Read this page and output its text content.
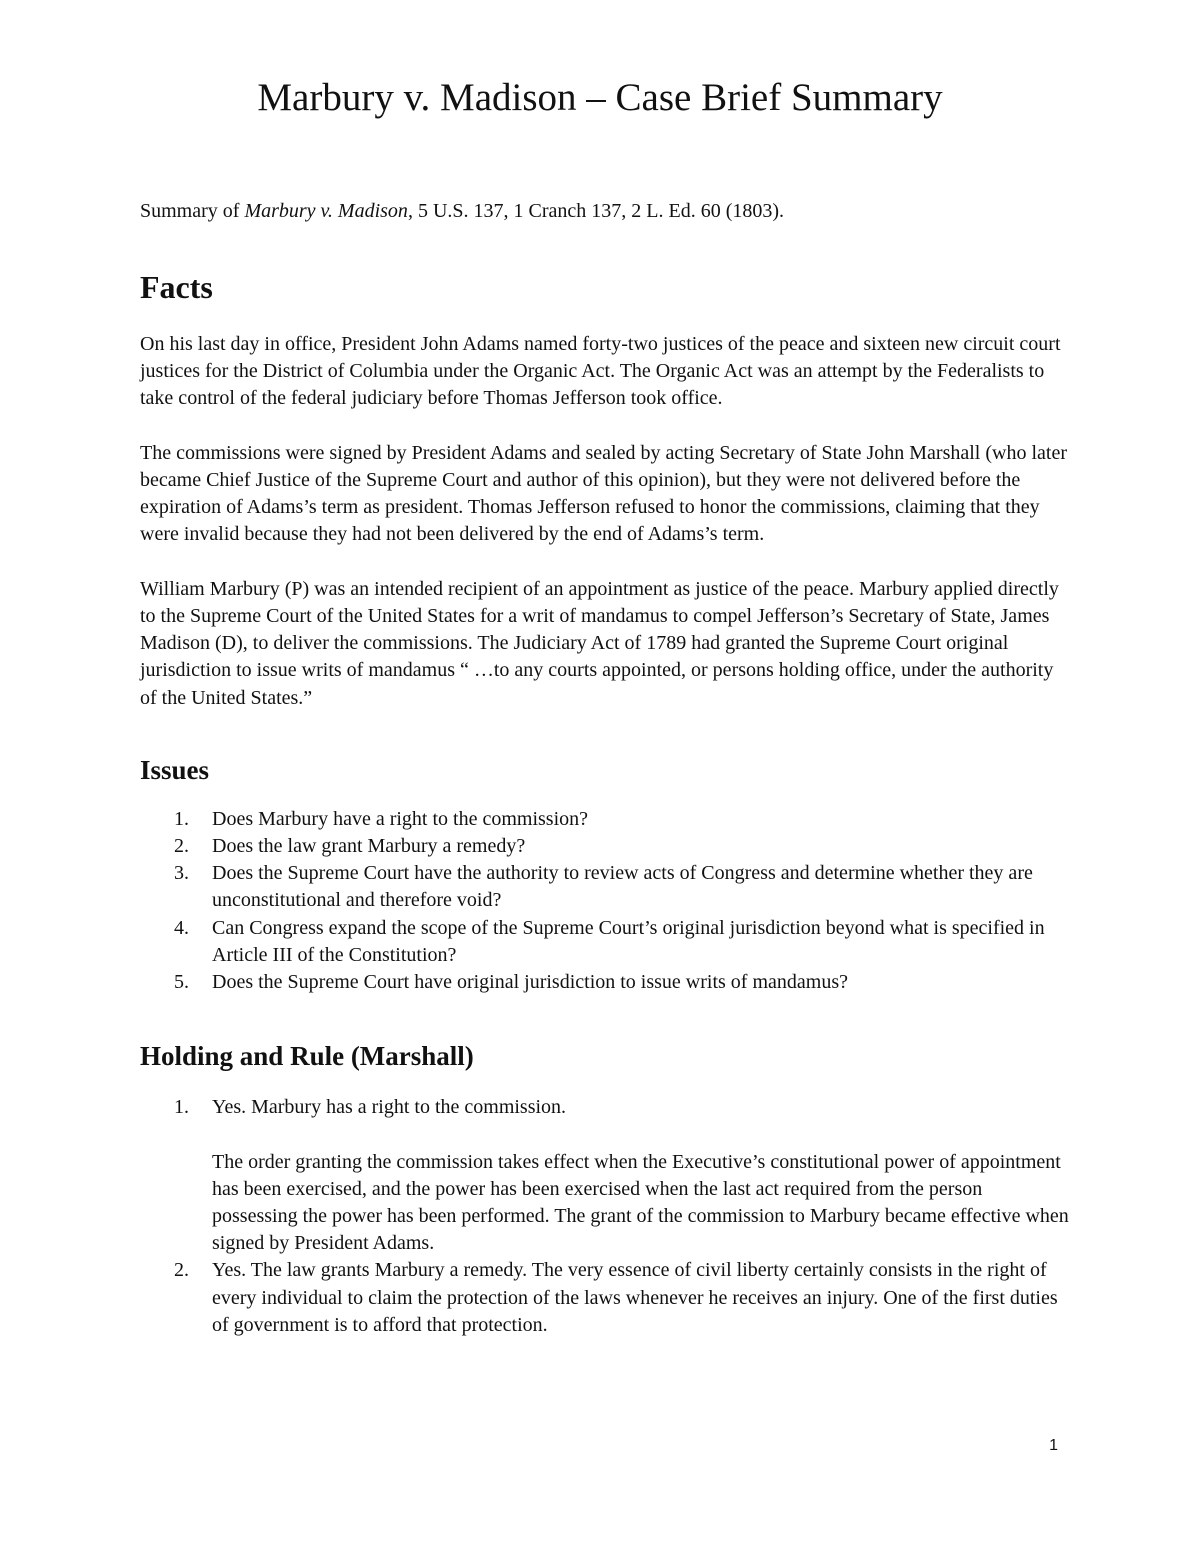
Marbury v. Madison – Case Brief Summary

Summary of Marbury v. Madison, 5 U.S. 137, 1 Cranch 137, 2 L. Ed. 60 (1803).

Facts

On his last day in office, President John Adams named forty-two justices of the peace and sixteen new circuit court justices for the District of Columbia under the Organic Act. The Organic Act was an attempt by the Federalists to take control of the federal judiciary before Thomas Jefferson took office.

The commissions were signed by President Adams and sealed by acting Secretary of State John Marshall (who later became Chief Justice of the Supreme Court and author of this opinion), but they were not delivered before the expiration of Adams’s term as president. Thomas Jefferson refused to honor the commissions, claiming that they were invalid because they had not been delivered by the end of Adams’s term.

William Marbury (P) was an intended recipient of an appointment as justice of the peace. Marbury applied directly to the Supreme Court of the United States for a writ of mandamus to compel Jefferson’s Secretary of State, James Madison (D), to deliver the commissions. The Judiciary Act of 1789 had granted the Supreme Court original jurisdiction to issue writs of mandamus “ …to any courts appointed, or persons holding office, under the authority of the United States.”

Issues
1. Does Marbury have a right to the commission?
2. Does the law grant Marbury a remedy?
3. Does the Supreme Court have the authority to review acts of Congress and determine whether they are unconstitutional and therefore void?
4. Can Congress expand the scope of the Supreme Court’s original jurisdiction beyond what is specified in Article III of the Constitution?
5. Does the Supreme Court have original jurisdiction to issue writs of mandamus?
Holding and Rule (Marshall)
1. Yes. Marbury has a right to the commission.
The order granting the commission takes effect when the Executive’s constitutional power of appointment has been exercised, and the power has been exercised when the last act required from the person possessing the power has been performed. The grant of the commission to Marbury became effective when signed by President Adams.
2. Yes. The law grants Marbury a remedy. The very essence of civil liberty certainly consists in the right of every individual to claim the protection of the laws whenever he receives an injury. One of the first duties of government is to afford that protection.
1
